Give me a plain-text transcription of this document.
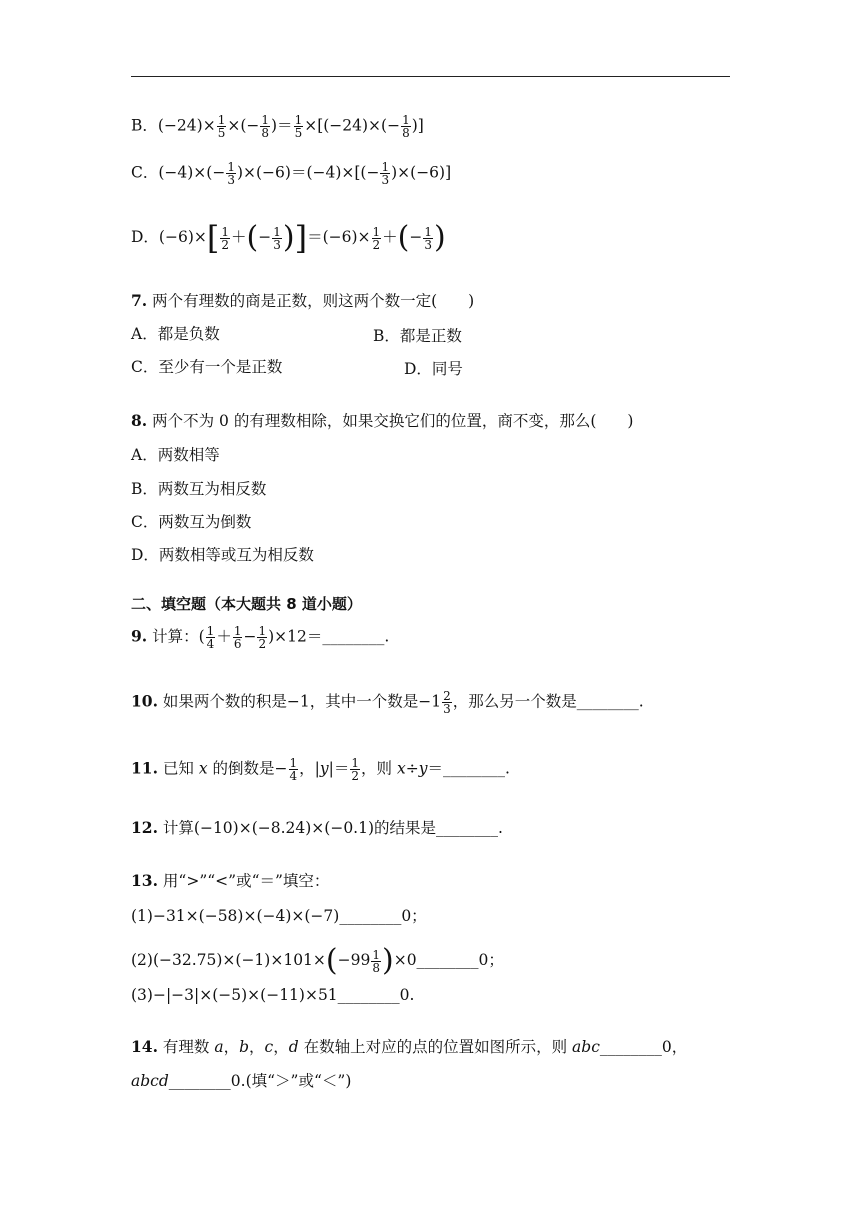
B．$(-24)\times \frac{1}{5}$ ×(− $\frac{1}{8}$ )＝ $\frac{1}{5} \times[(-24)\times(- \frac{1}{8}$ )]
C．$(-4)\times(- \frac{1}{3} )\times(-6)=(-4)\times[(- \frac{1}{3} )\times(-6)]$
D．$(-6)\times[ \frac{1}{2}$ ＋(− $\frac{1}{3} )]=(-6)\times \frac{1}{2}$ ＋(− $\frac{1}{3}$ )
7. 两个有理数的商是正数，则这两个数一定(　　)
A．都是负数	B．都是正数
C．至少有一个是正数	D．同号
8. 两个不为 0 的有理数相除，如果交换它们的位置，商不变，那么(　　)
A．两数相等
B．两数互为相反数
C．两数互为倒数
D．两数相等或互为相反数
二、填空题（本大题共 8 道小题）
9. 计算：( $\frac{1}{4} + \frac{1}{6} - \frac{1}{2}$ )×12＝________.
10. 如果两个数的积是−1，其中一个数是$-1 \frac{2}{3}$ ，那么另一个数是________.
11. 已知 x 的倒数是− $\frac{1}{4}$ ，$|y|= \frac{1}{2}$ ，则 x÷y＝________.
12. 计算(−10)×(−8.24)×(−0.1)的结果是________.
13. 用“>”“<”或“＝”填空：
(1)−31×(−58)×(−4)×(−7)________0；
$(2)(-32.75)\times(-1)\times 101\times(-99 \frac{1}{8}$ )×0________0；
(3)−|−3|×(−5)×(−11)×51________0.
14. 有理数 a，b，c，d 在数轴上对应的点的位置如图所示，则 abc________0，
abcd________0.(填“＞”或“＜”)
